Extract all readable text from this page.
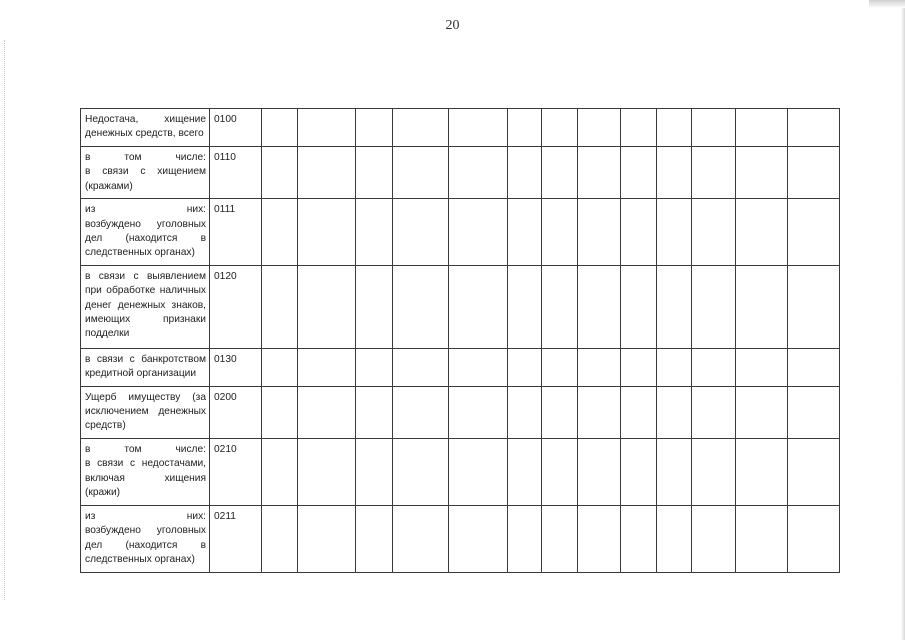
20
Недостача, хищение
денежных средств, всего	0100													

в том числе:
в связи с хищением
(кражами)	0110													

из них:
возбуждено уголовных
дел (находится в
следственных органах)	0111													

в связи с выявлением
при обработке наличных
денег денежных знаков,
имеющих признаки
подделки	0120													

в связи с банкротством
кредитной организации	0130													

Ущерб имуществу (за
исключением денежных
средств)	0200													

в том числе:
в связи с недостачами,
включая хищения
(кражи)	0210													

из них:
возбуждено уголовных
дел (находится в
следственных органах)	0211													
